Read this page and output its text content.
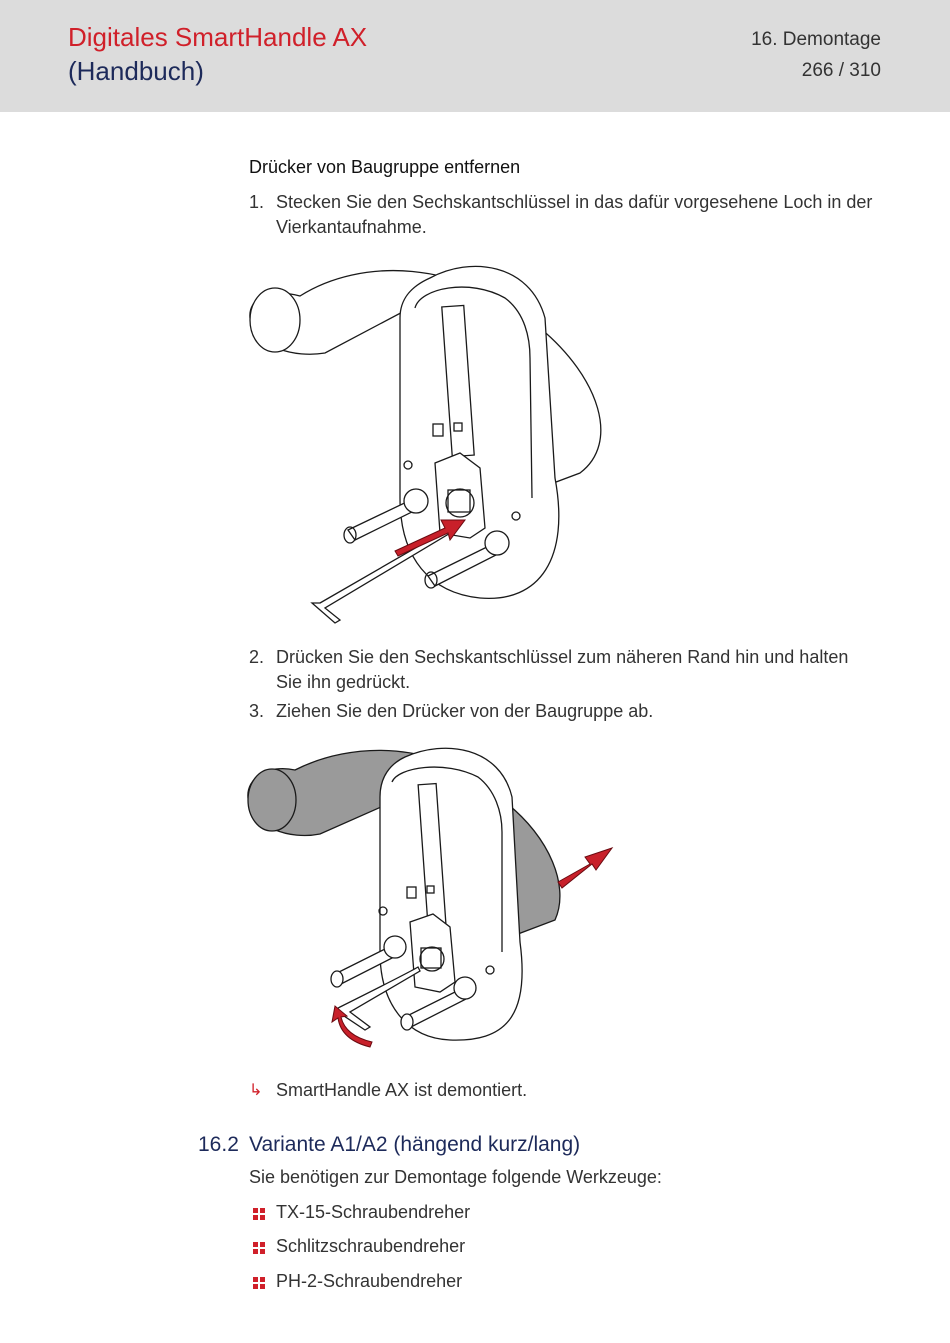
Digitales SmartHandle AX
(Handbuch)
16. Demontage
266 / 310
Drücker von Baugruppe entfernen
1. Stecken Sie den Sechskantschlüssel in das dafür vorgesehene Loch in der Vierkantaufnahme.
2. Drücken Sie den Sechskantschlüssel zum näheren Rand hin und halten Sie ihn gedrückt.
3. Ziehen Sie den Drücker von der Baugruppe ab.
↳ SmartHandle AX ist demontiert.
16.2 Variante A1/A2 (hängend kurz/lang)
Sie benötigen zur Demontage folgende Werkzeuge:
TX-15-Schraubendreher
Schlitzschraubendreher
PH-2-Schraubendreher
